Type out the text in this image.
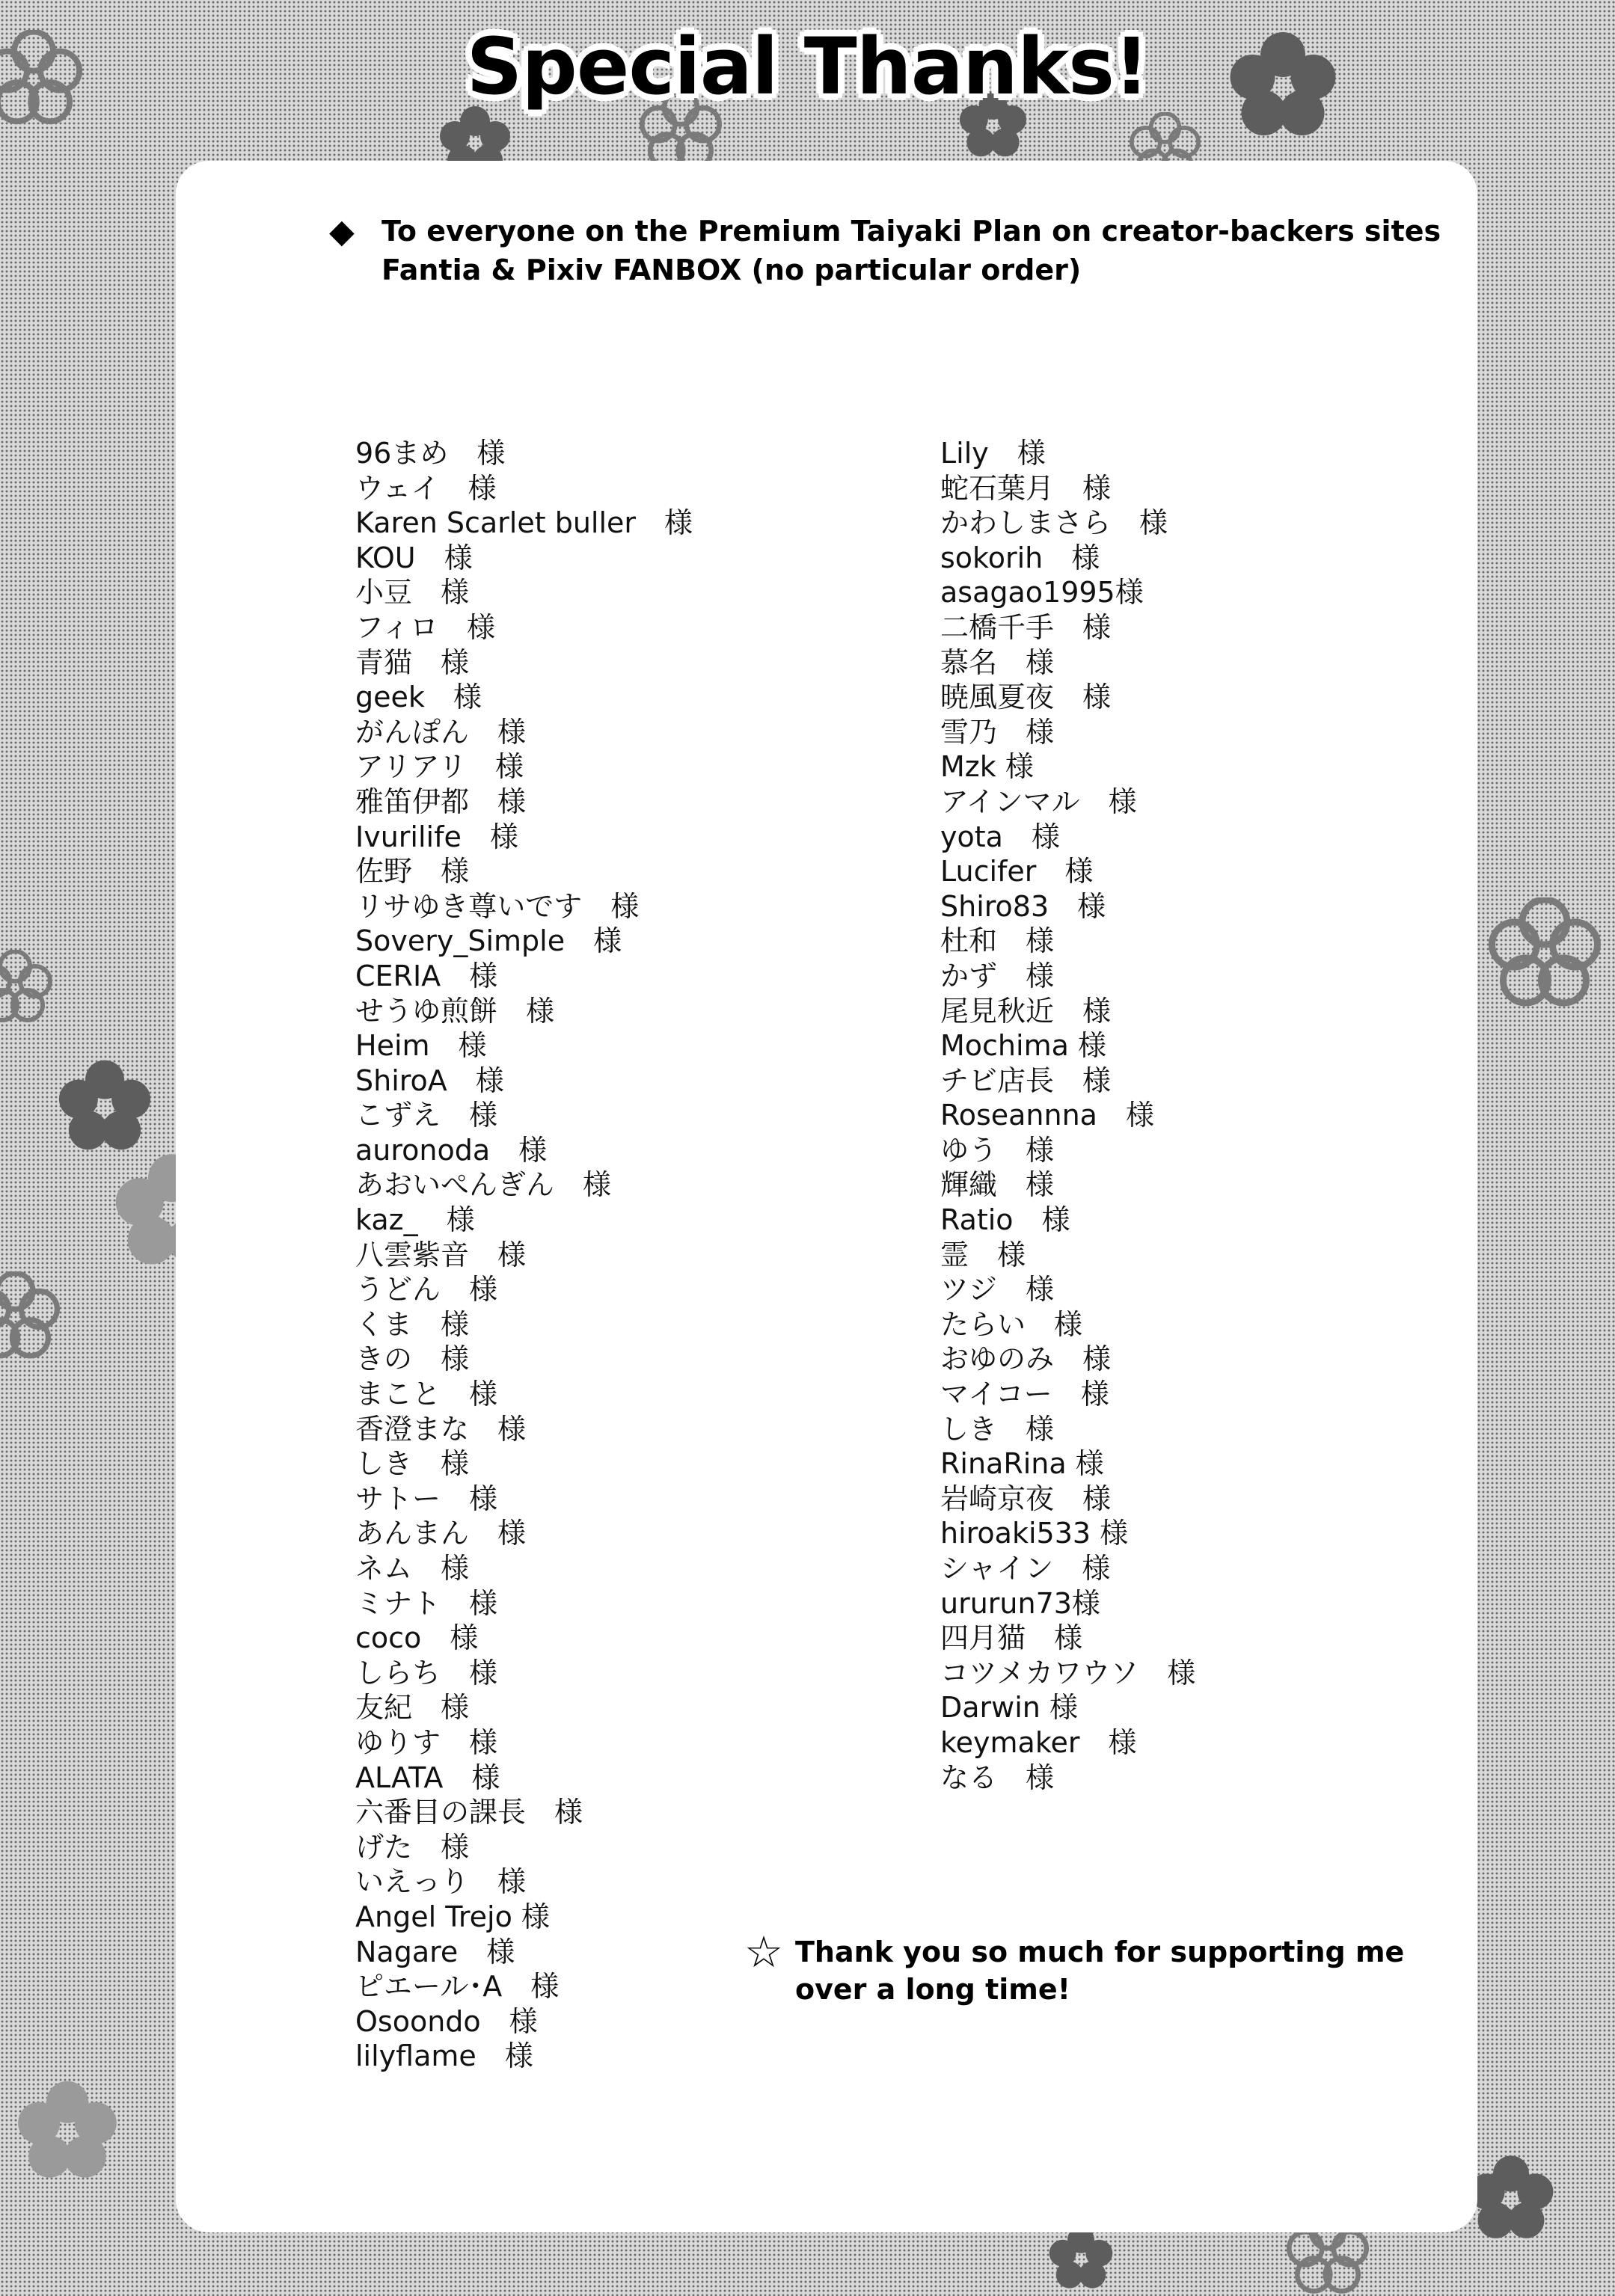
Special Thanks!
◆ To everyone on the Premium Taiyaki Plan on creator-backers sites Fantia & Pixiv FANBOX (no particular order)
96まめ　様
ウェイ　様
Karen Scarlet buller　様
KOU　様
小豆　様
フィロ　様
青猫　様
geek　様
がんぽん　様
アリアリ　様
雅笛伊都　様
Ivurilife　様
佐野　様
リサゆき尊いです　様
Sovery_Simple　様
CERIA　様
せうゆ煎餅　様
Heim　様
ShiroA　様
こずえ　様
auronoda　様
あおいぺんぎん　様
kaz_　様
八雲紫音　様
うどん　様
くま　様
きの　様
まこと　様
香澄まな　様
しき　様
サトー　様
あんまん　様
ネム　様
ミナト　様
coco　様
しらち　様
友紀　様
ゆりす　様
ALATA　様
六番目の課長　様
げた　様
いえっり　様
Angel Trejo 様
Nagare　様
ピエール･A　様
Osoondo　様
lilyflame　様
Lily　様
蛇石葉月　様
かわしまさら　様
sokorih　様
asagao1995様
二橋千手　様
慕名　様
暁風夏夜　様
雪乃　様
Mzk 様
アインマル　様
yota　様
Lucifer　様
Shiro83　様
杜和　様
かず　様
尾見秋近　様
Mochima 様
チビ店長　様
Roseannna　様
ゆう　様
輝織　様
Ratio　様
霊　様
ツジ　様
たらい　様
おゆのみ　様
マイコー　様
しき　様
RinaRina 様
岩崎京夜　様
hiroaki533 様
シャイン　様
ururun73様
四月猫　様
コツメカワウソ　様
Darwin 様
keymaker　様
なる　様
☆ Thank you so much for supporting me over a long time!
